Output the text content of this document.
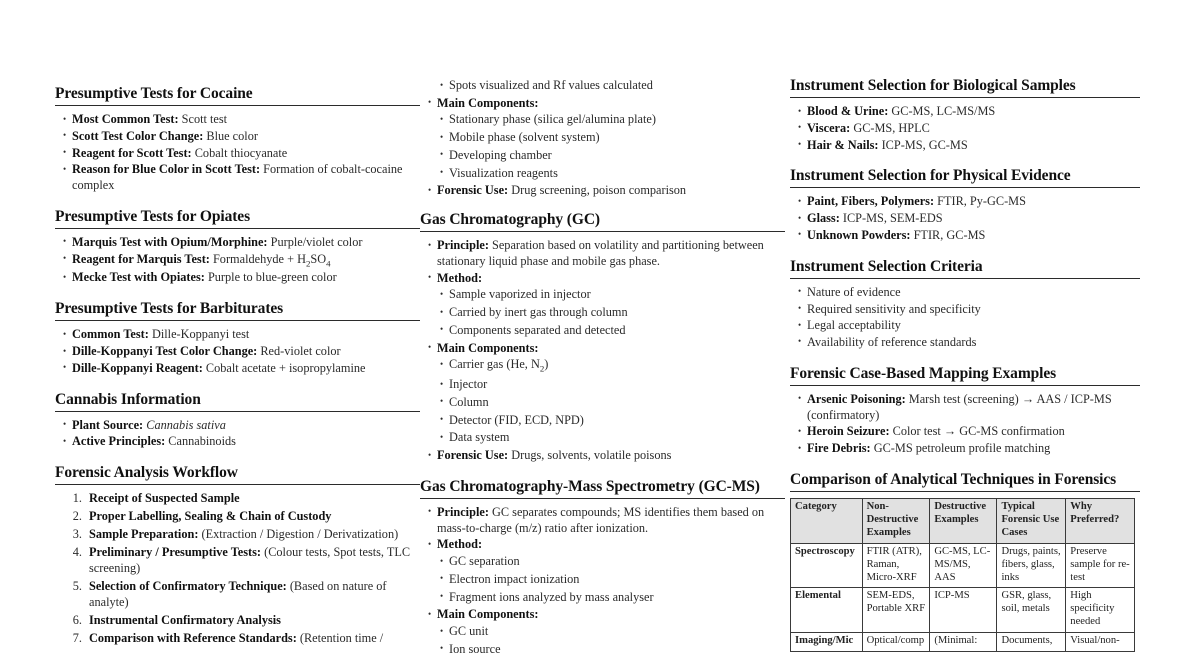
Presumptive Tests for Cocaine
• Most Common Test: Scott test
• Scott Test Color Change: Blue color
• Reagent for Scott Test: Cobalt thiocyanate
• Reason for Blue Color in Scott Test: Formation of cobalt-cocaine complex
Presumptive Tests for Opiates
• Marquis Test with Opium/Morphine: Purple/violet color
• Reagent for Marquis Test: Formaldehyde + $H_2SO_4$
• Mecke Test with Opiates: Purple to blue-green color
Presumptive Tests for Barbiturates
• Common Test: Dille-Koppanyi test
• Dille-Koppanyi Test Color Change: Red-violet color
• Dille-Koppanyi Reagent: Cobalt acetate + isopropylamine
Cannabis Information
• Plant Source: Cannabis sativa
• Active Principles: Cannabinoids
Forensic Analysis Workflow
1. Receipt of Suspected Sample
2. Proper Labelling, Sealing & Chain of Custody
3. Sample Preparation: (Extraction / Digestion / Derivatization)
4. Preliminary / Presumptive Tests: (Colour tests, Spot tests, TLC screening)
5. Selection of Confirmatory Technique: (Based on nature of analyte)
6. Instrumental Confirmatory Analysis
7. Comparison with Reference Standards: (Retention time /
• Spots visualized and Rf values calculated
• Main Components:
• Stationary phase (silica gel/alumina plate)
• Mobile phase (solvent system)
• Developing chamber
• Visualization reagents
• Forensic Use: Drug screening, poison comparison
Gas Chromatography (GC)
• Principle: Separation based on volatility and partitioning between stationary liquid phase and mobile gas phase.
• Method:
• Sample vaporized in injector
• Carried by inert gas through column
• Components separated and detected
• Main Components:
• Carrier gas (He, $N_2$)
• Injector
• Column
• Detector (FID, ECD, NPD)
• Data system
• Forensic Use: Drugs, solvents, volatile poisons
Gas Chromatography-Mass Spectrometry (GC-MS)
• Principle: GC separates compounds; MS identifies them based on mass-to-charge (m/z) ratio after ionization.
• Method:
• GC separation
• Electron impact ionization
• Fragment ions analyzed by mass analyser
• Main Components:
• GC unit
• Ion source
Instrument Selection for Biological Samples
• Blood & Urine: GC-MS, LC-MS/MS
• Viscera: GC-MS, HPLC
• Hair & Nails: ICP-MS, GC-MS
Instrument Selection for Physical Evidence
• Paint, Fibers, Polymers: FTIR, Py-GC-MS
• Glass: ICP-MS, SEM-EDS
• Unknown Powders: FTIR, GC-MS
Instrument Selection Criteria
• Nature of evidence
• Required sensitivity and specificity
• Legal acceptability
• Availability of reference standards
Forensic Case-Based Mapping Examples
• Arsenic Poisoning: Marsh test (screening) → AAS / ICP-MS (confirmatory)
• Heroin Seizure: Color test → GC-MS confirmation
• Fire Debris: GC-MS petroleum profile matching
Comparison of Analytical Techniques in Forensics
Category	Non-Destructive Examples	Destructive Examples	Typical Forensic Use Cases	Why Preferred?
Spectroscopy	FTIR (ATR), Raman, Micro-XRF	GC-MS, LC-MS/MS, AAS	Drugs, paints, fibers, glass, inks	Preserve sample for re-test
Elemental	SEM-EDS, Portable XRF	ICP-MS	GSR, glass, soil, metals	High specificity needed
Imaging/Mic	Optical/comp	(Minimal:	Documents,	Visual/non-
